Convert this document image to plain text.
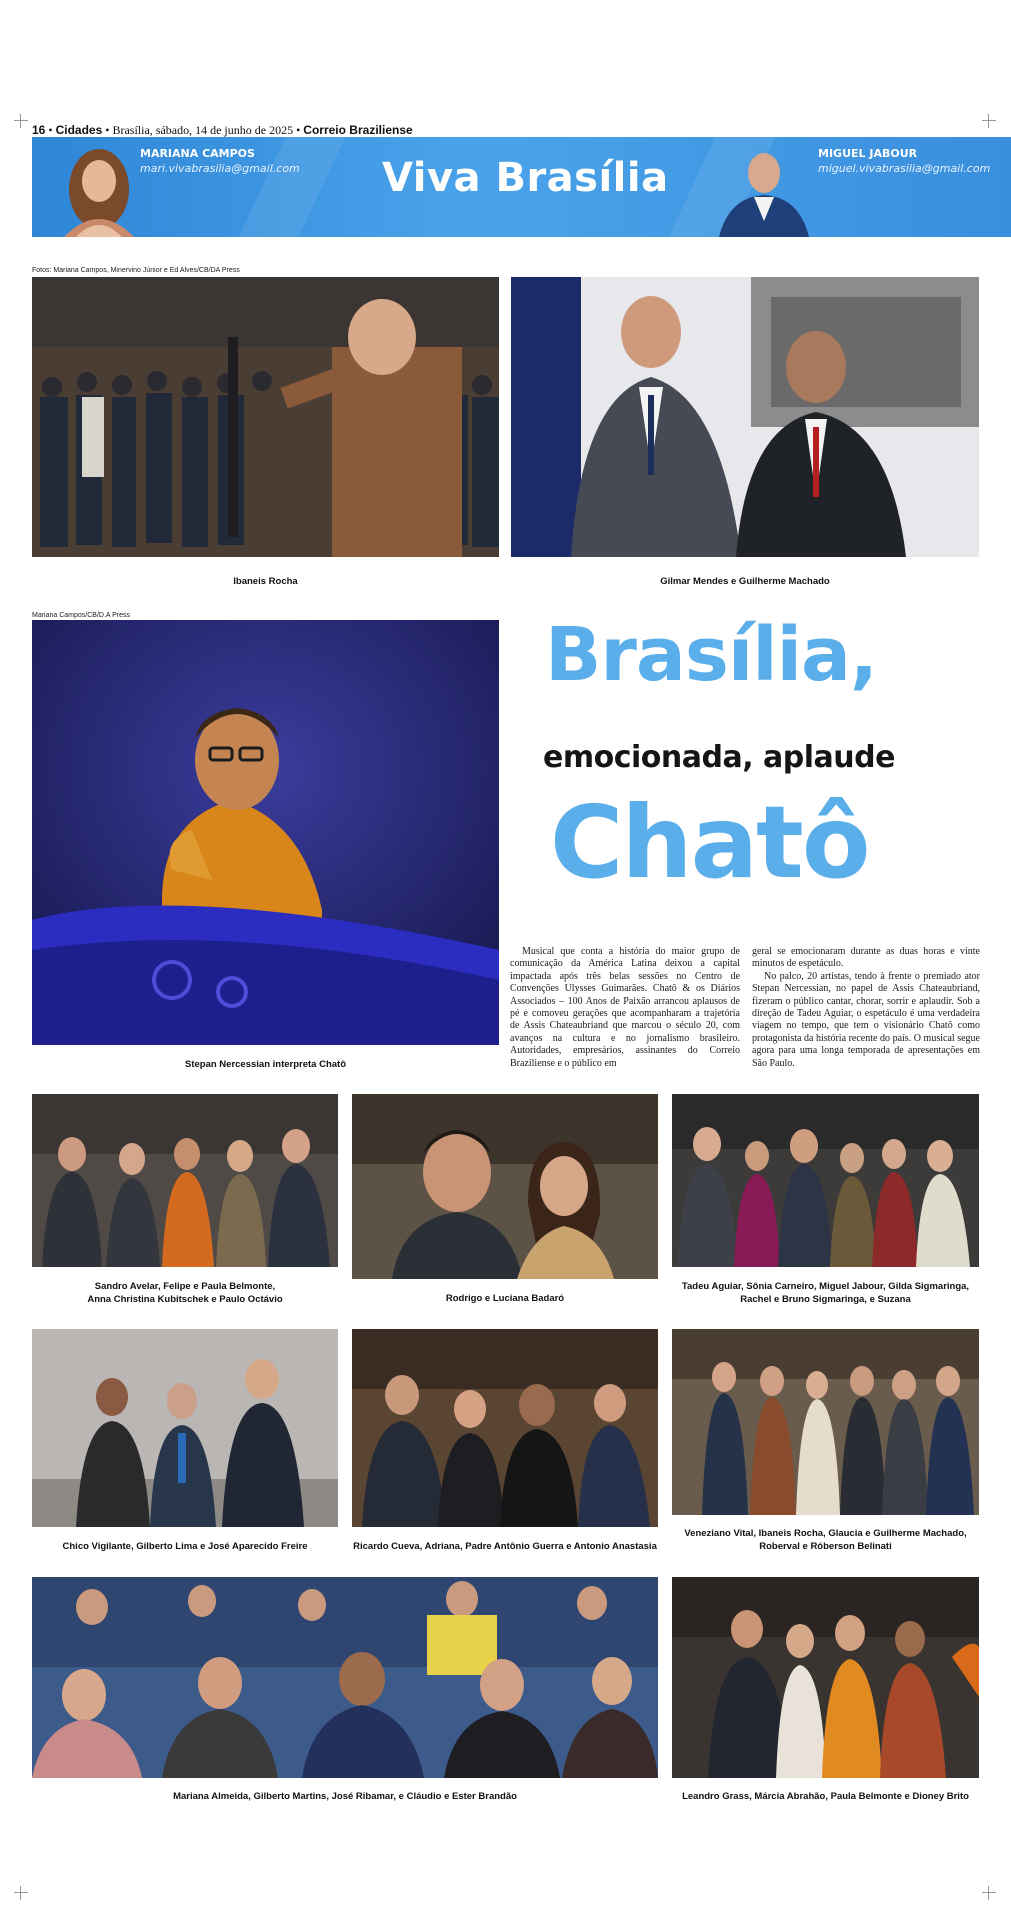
16 • Cidades • Brasília, sábado, 14 de junho de 2025 • Correio Braziliense
MARIANA CAMPOS
mari.vivabrasilia@gmail.com Viva Brasília
MIGUEL JABOUR
miguel.vivabrasilia@gmail.com
Fotos: Mariana Campos, Minervino Júnior e Ed Alves/CB/DA Press
Ibaneis Rocha	Gilmar Mendes e Guilherme Machado
Mariana Campos/CB/D.A Press
Stepan Nercessian interpreta Chatô
Brasília,
emocionada, aplaude
Chatô

Musical que conta a história do maior grupo de comunicação da América Latina deixou a capital impactada após três belas sessões no Centro de Convenções Ulysses Guimarães. Chatô & os Diários Associados – 100 Anos de Paixão arrancou aplausos de pé e comoveu gerações que acompanharam a trajetória de Assis Chateaubriand que marcou o século 20, com avanços na cultura e no jornalismo brasileiro. Autoridades, empresários, assinantes do Correio Braziliense e o público em

geral se emocionaram durante as duas horas e vinte minutos de espetáculo.

No palco, 20 artistas, tendo à frente o premiado ator Stepan Nercessian, no papel de Assis Chateaubriand, fizeram o público cantar, chorar, sorrir e aplaudir. Sob a direção de Tadeu Aguiar, o espetáculo é uma verdadeira viagem no tempo, que tem o visionário Chatô como protagonista da história recente do país. O musical segue agora para uma longa temporada de apresentações em São Paulo.

Sandro Avelar, Felipe e Paula Belmonte,
Anna Christina Kubitschek e Paulo Octávio	Rodrigo e Luciana Badaró
Tadeu Aguiar, Sônia Carneiro, Miguel Jabour, Gilda Sigmaringa,
Rachel e Bruno Sigmaringa, e Suzana
Chico Vigilante, Gilberto Lima e José Aparecido Freire	Ricardo Cueva, Adriana, Padre Antônio Guerra e Antonio Anastasia
Veneziano Vital, Ibaneis Rocha, Glaucia e Guilherme Machado,
Roberval e Róberson Belinati
Mariana Almeida, Gilberto Martins, José Ribamar, e Cláudio e Ester Brandão	Leandro Grass, Márcia Abrahão, Paula Belmonte e Dioney Brito
